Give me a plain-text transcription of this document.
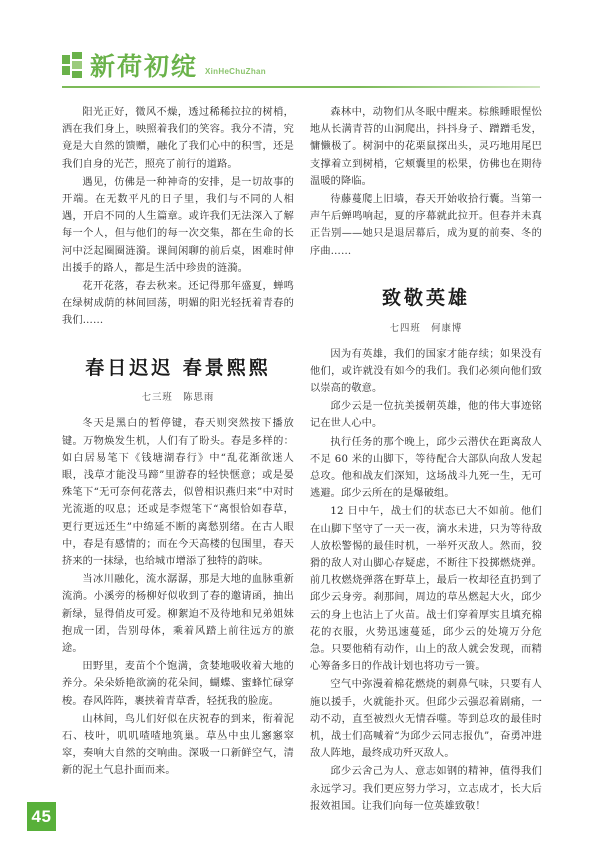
新荷初绽 XinHeChuZhan

阳光正好，微风不燥，透过稀稀拉拉的树梢，洒在我们身上，映照着我们的笑容。我分不清，究竟是大自然的馈赠，融化了我们心中的积雪，还是我们自身的光芒，照亮了前行的道路。

遇见，仿佛是一种神奇的安排，是一切故事的开端。在无数平凡的日子里，我们与不同的人相遇，开启不同的人生篇章。或许我们无法深入了解每一个人，但与他们的每一次交集，都在生命的长河中泛起圈圈涟漪。课间闲聊的前后桌，困难时伸出援手的路人，都是生活中珍贵的涟漪。

花开花落，春去秋来。还记得那年盛夏，蝉鸣在绿树成荫的林间回荡，明媚的阳光轻抚着青春的我们……

春日迟迟 春景熙熙
七三班　陈思雨

冬天是黑白的暂停键，春天则突然按下播放键。万物焕发生机，人们有了盼头。春是多样的：如白居易笔下《钱塘湖春行》中“乱花渐欲迷人眼，浅草才能没马蹄”里游春的轻快惬意；或是晏殊笔下“无可奈何花落去，似曾相识燕归来”中对时光流逝的叹息；还或是李煜笔下“离恨恰如春草，更行更远还生”中绵延不断的离愁别绪。在古人眼中，春是有感情的；而在今天高楼的包围里，春天挤来的一抹绿，也给城市增添了独特的韵味。

当冰川融化，流水潺潺，那是大地的血脉重新流淌。小溪旁的杨柳好似收到了春的邀请函，抽出新绿，显得俏皮可爱。柳絮迫不及待地和兄弟姐妹抱成一团，告别母体，乘着风踏上前往远方的旅途。

田野里，麦苗个个饱满，贪婪地吸收着大地的养分。朵朵娇艳欲滴的花朵间，蝴蝶、蜜蜂忙碌穿梭。春风阵阵，裹挟着青草香，轻抚我的脸庞。

山林间，鸟儿们好似在庆祝春的到来，衔着泥石、枝叶，叽叽喳喳地筑巢。草丛中虫儿窸窸窣窣，奏响大自然的交响曲。深吸一口新鲜空气，清新的泥土气息扑面而来。

森林中，动物们从冬眠中醒来。棕熊睡眼惺忪地从长满青苔的山洞爬出，抖抖身子、蹭蹭毛发，慵懒极了。树洞中的花栗鼠探出头，灵巧地用尾巴支撑着立到树梢，它颊囊里的松果，仿佛也在期待温暖的降临。

待藤蔓爬上旧墙，春天开始收拾行囊。当第一声午后蝉鸣响起，夏的序幕就此拉开。但春并未真正告别——她只是退居幕后，成为夏的前奏、冬的序曲……

致敬英雄
七四班　何康博

因为有英雄，我们的国家才能存续；如果没有他们，或许就没有如今的我们。我们必须向他们致以崇高的敬意。

邱少云是一位抗美援朝英雄，他的伟大事迹铭记在世人心中。

执行任务的那个晚上，邱少云潜伏在距离敌人不足 60 米的山脚下，等待配合大部队向敌人发起总攻。他和战友们深知，这场战斗九死一生，无可逃避。邱少云所在的是爆破组。

12 日中午，战士们的状态已大不如前。他们在山脚下坚守了一天一夜，滴水未进，只为等待敌人放松警惕的最佳时机，一举歼灭敌人。然而，狡猾的敌人对山脚心存疑虑，不断往下投掷燃烧弹。前几枚燃烧弹落在野草上，最后一枚却径直扔到了邱少云身旁。刹那间，周边的草丛燃起大火，邱少云的身上也沾上了火苗。战士们穿着厚实且填充棉花的衣服，火势迅速蔓延，邱少云的处境万分危急。只要他稍有动作，山上的敌人就会发现，而精心筹备多日的作战计划也将功亏一篑。

空气中弥漫着棉花燃烧的刺鼻气味，只要有人施以援手，火就能扑灭。但邱少云强忍着剧痛，一动不动，直至被烈火无情吞噬。等到总攻的最佳时机，战士们高喊着“为邱少云同志报仇”，奋勇冲进敌人阵地，最终成功歼灭敌人。

邱少云舍己为人、意志如钢的精神，值得我们永远学习。我们更应努力学习，立志成才，长大后报效祖国。让我们向每一位英雄致敬！

45
